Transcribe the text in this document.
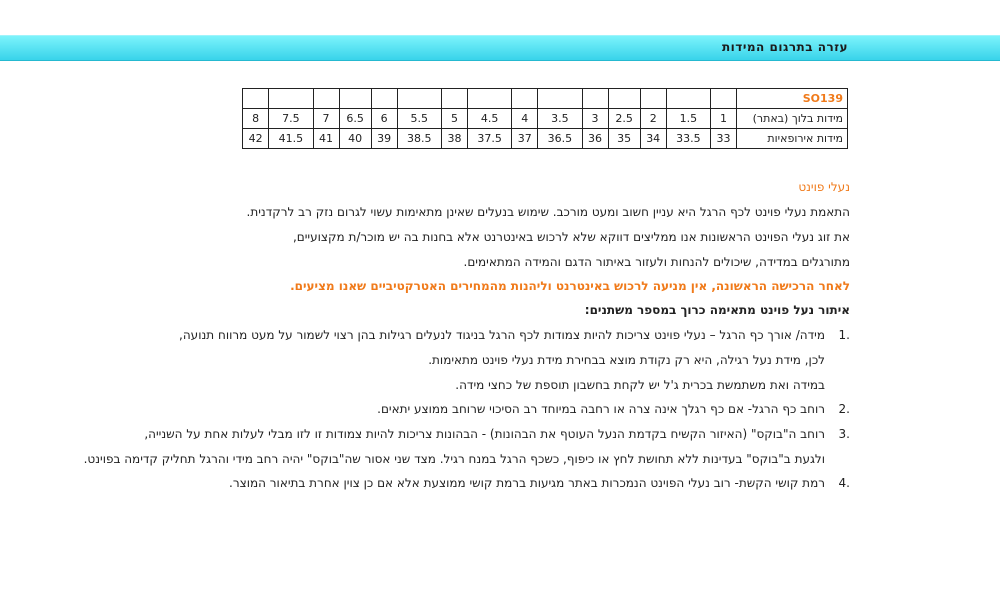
עזרה בתרגום המידות
SO139															
מידות בלוך (באתר)	1	1.5	2	2.5	3	3.5	4	4.5	5	5.5	6	6.5	7	7.5	8
מידות אירופאיות	33	33.5	34	35	36	36.5	37	37.5	38	38.5	39	40	41	41.5	42
נעלי פוינט
התאמת נעלי פוינט לכף הרגל היא עניין חשוב ומעט מורכב. שימוש בנעלים שאינן מתאימות עשוי לגרום נזק רב לרקדנית.
את זוג נעלי הפוינט הראשונות אנו ממליצים דווקא שלא לרכוש באינטרנט אלא בחנות בה יש מוכר/ת מקצועיים,
מתורגלים במדידה, שיכולים להנחות ולעזור באיתור הדגם והמידה המתאימים.
לאחר הרכישה הראשונה, אין מניעה לרכוש באינטרנט וליהנות מהמחירים האטרקטיביים שאנו מציעים.
איתור נעל פוינט מתאימה כרוך במספר משתנים:
1.
מידה/ אורך כף הרגל – נעלי פוינט צריכות להיות צמודות לכף הרגל בניגוד לנעלים רגילות בהן רצוי לשמור על מעט מרווח תנועה,
לכן, מידת נעל רגילה, היא רק נקודת מוצא בבחירת מידת נעלי פוינט מתאימות.
במידה ואת משתמשת בכרית ג'ל יש לקחת בחשבון תוספת של כחצי מידה.
2.
רוחב כף הרגל- אם כף רגלך אינה צרה או רחבה במיוחד רב הסיכוי שרוחב ממוצע יתאים.
3.
רוחב ה"בוקס" (האיזור הקשיח בקדמת הנעל העוטף את הבהונות) - הבהונות צריכות להיות צמודות זו לזו מבלי לעלות אחת על השנייה,
ולגעת ב"בוקס" בעדינות ללא תחושת לחץ או כיפוף, כשכף הרגל במנח רגיל. מצד שני אסור שה"בוקס" יהיה רחב מידי והרגל תחליק קדימה בפוינט.
4.
רמת קושי הקשת- רוב נעלי הפוינט הנמכרות באתר מגיעות ברמת קושי ממוצעת אלא אם כן צוין אחרת בתיאור המוצר.
